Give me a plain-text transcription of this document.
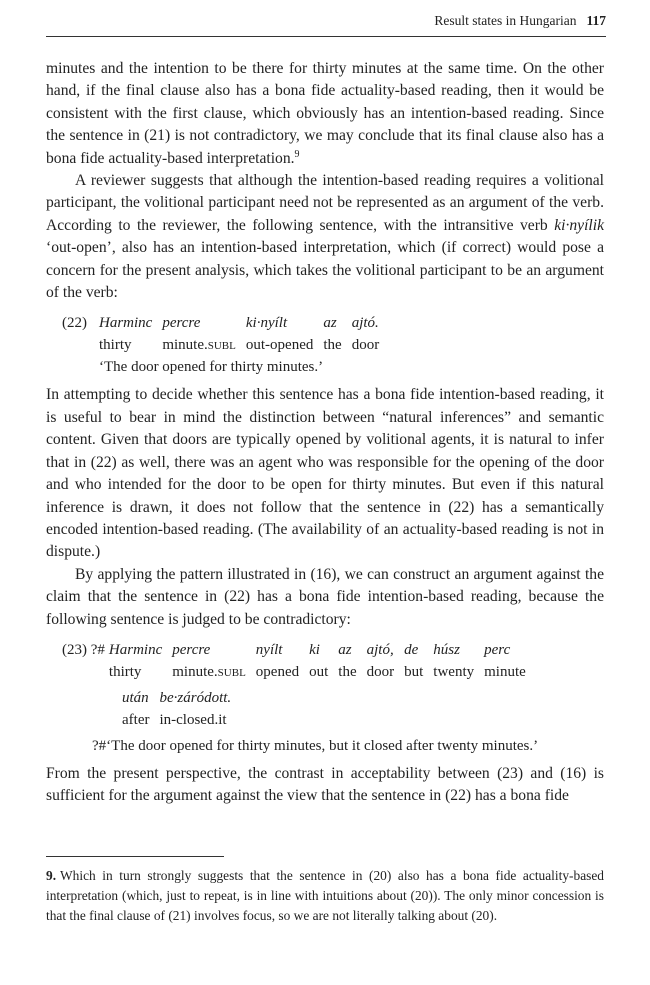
Result states in Hungarian 117

minutes and the intention to be there for thirty minutes at the same time. On the other hand, if the final clause also has a bona fide actuality-based reading, then it would be consistent with the first clause, which obviously has an intention-based reading. Since the sentence in (21) is not contradictory, we may conclude that its final clause also has a bona fide actuality-based interpretation.$^9$

A reviewer suggests that although the intention-based reading requires a volitional participant, the volitional participant need not be represented as an argument of the verb. According to the reviewer, the following sentence, with the intransitive verb ki·nyílik ‘out-open’, also has an intention-based interpretation, which (if correct) would pose a concern for the present analysis, which takes the volitional participant to be an argument of the verb:

(22)	Harminc	percre	ki·nyílt	az	ajtó.
	thirty	minute.subl	out-opened	the	door
	‘The door opened for thirty minutes.’				

In attempting to decide whether this sentence has a bona fide intention-based reading, it is useful to bear in mind the distinction between “natural inferences” and semantic content. Given that doors are typically opened by volitional agents, it is natural to infer that in (22) as well, there was an agent who was responsible for the opening of the door and who intended for the door to be open for thirty minutes. But even if this natural inference is drawn, it does not follow that the sentence in (22) has a semantically encoded intention-based reading. (The availability of an actuality-based reading is not in dispute.)

By applying the pattern illustrated in (16), we can construct an argument against the claim that the sentence in (22) has a bona fide intention-based reading, because the following sentence is judged to be contradictory:

(23) ?#	Harminc	percre	nyílt	ki	az	ajtó,	de	húsz	perc
	thirty	minute.subl	opened	out	the	door	but	twenty	minute
	után	be·záródott.
	after	in-closed.it
?#‘The door opened for thirty minutes, but it closed after twenty minutes.’

From the present perspective, the contrast in acceptability between (23) and (16) is sufficient for the argument against the view that the sentence in (22) has a bona fide

9. Which in turn strongly suggests that the sentence in (20) also has a bona fide actuality-based interpretation (which, just to repeat, is in line with intuitions about (20)). The only minor concession is that the final clause of (21) involves focus, so we are not literally talking about (20).
